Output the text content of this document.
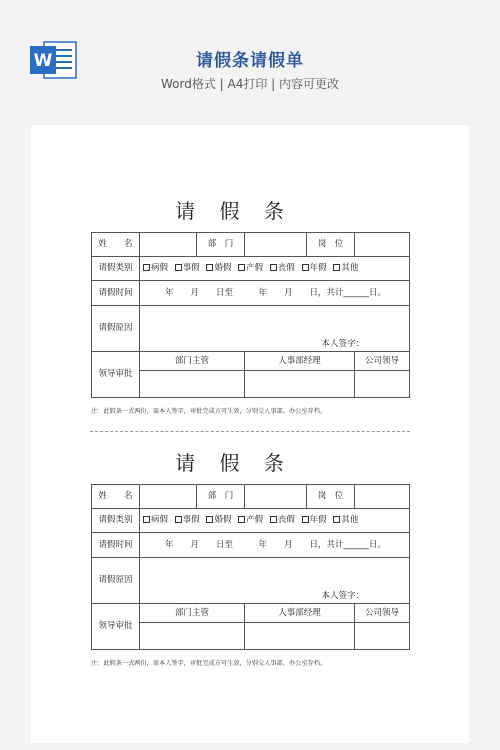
W	请假条请假单
Word格式 | A4打印 | 内容可更改
请 假 条
姓　　名		部　门		岗　位	
请假类别	病假 事假 婚假 产假 丧假 年假 其他				
请假时间	年　　月　　日至　　　年　　月　　日，共计______日。				
请假原因	本人签字：				
领导审批	部门主管		人事部经理		公司领导

注：此假条一式两份，需本人签字，审批完成方可生效，分别交人事部、办公室存档。
请 假 条
姓　　名		部　门		岗　位	
请假类别	病假 事假 婚假 产假 丧假 年假 其他				
请假时间	年　　月　　日至　　　年　　月　　日，共计______日。				
请假原因	本人签字：				
领导审批	部门主管		人事部经理		公司领导

注：此假条一式两份，需本人签字，审批完成方可生效，分别交人事部、办公室存档。
